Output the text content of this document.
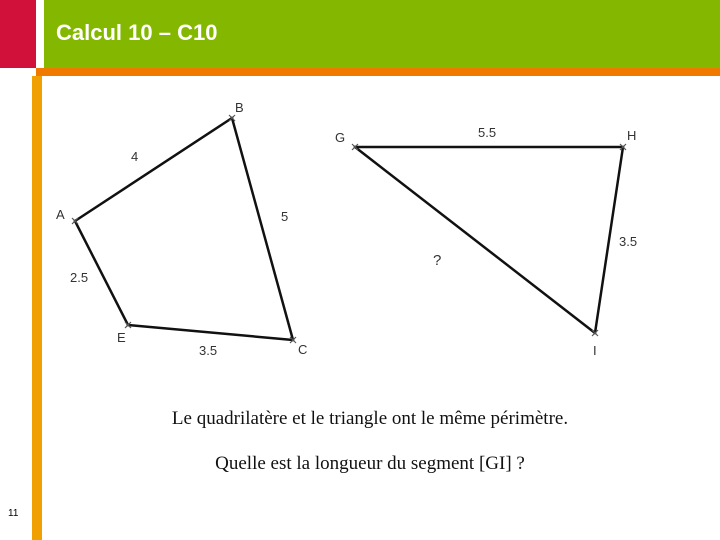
Calcul 10 – C10
A
B
C
E
4
5
3.5
2.5
G	H
I
5.5
3.5
?
Le quadrilatère et le triangle ont le même périmètre.
Quelle est la longueur du segment [GI] ?
11
